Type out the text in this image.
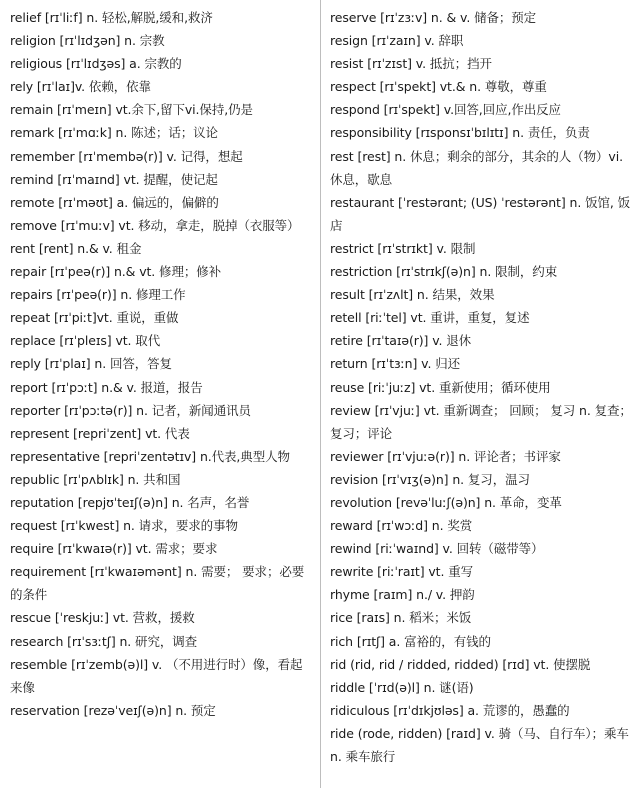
relief [rɪˈliːf] n. 轻松,解脱,缓和,救济
religion [rɪˈlɪdʒən] n. 宗教
religious [rɪˈlɪdʒəs] a. 宗教的
rely [rɪˈlaɪ]v. 依赖，依靠
remain [rɪˈmeɪn] vt.余下,留下vi.保持,仍是
remark [rɪˈmɑːk] n. 陈述；话；议论
remember [rɪˈmembə(r)] v. 记得，想起
remind [rɪˈmaɪnd] vt. 提醒，使记起
remote [rɪˈməʊt] a. 偏远的，偏僻的
remove [rɪˈmuːv] vt. 移动，拿走，脱掉（衣服等）
rent [rent] n.& v. 租金
repair [rɪˈpeə(r)] n.& vt. 修理；修补
repairs [rɪˈpeə(r)] n. 修理工作
repeat [rɪˈpiːt]vt. 重说，重做
replace [rɪˈpleɪs] vt. 取代
reply [rɪˈplaɪ] n. 回答，答复
report [rɪˈpɔːt] n.& v. 报道，报告
reporter [rɪˈpɔːtə(r)] n. 记者，新闻通讯员
represent [repriˈzent] vt. 代表
representative [repriˈzentətɪv] n.代表,典型人物
republic [rɪˈpʌblɪk] n. 共和国
reputation [repjʊˈteɪʃ(ə)n] n. 名声，名誉
request [rɪˈkwest] n. 请求，要求的事物
require [rɪˈkwaɪə(r)] vt. 需求；要求
requirement [rɪˈkwaɪəmənt] n. 需要； 要求；必要的条件
rescue [ˈreskjuː] vt. 营救，援救
research [rɪˈsɜːtʃ] n. 研究，调查
resemble [rɪˈzemb(ə)l] v. （不用进行时）像，看起来像
reservation [rezəˈveɪʃ(ə)n] n. 预定
reserve [rɪˈzɜːv] n. & v. 储备；预定
resign [rɪˈzaɪn] v. 辞职
resist [rɪˈzɪst] v. 抵抗；挡开
respect [rɪˈspekt] vt.& n. 尊敬，尊重
respond [rɪˈspekt] v.回答,回应,作出反应
responsibility [rɪsponsɪˈbɪlɪtɪ] n. 责任，负责
rest [rest] n. 休息；剩余的部分，其余的人（物）vi. 休息，歇息
restaurant [ˈrestərɑnt; (US) ˈrestərənt] n. 饭馆, 饭店
restrict [rɪˈstrɪkt] v. 限制
restriction [rɪˈstrɪkʃ(ə)n] n. 限制，约束
result [rɪˈzʌlt] n. 结果，效果
retell [riːˈtel] vt. 重讲，重复，复述
retire [rɪˈtaɪə(r)] v. 退休
return [rɪˈtɜːn] v. 归还
reuse [riːˈjuːz] vt. 重新使用；循环使用
review [rɪˈvjuː] vt. 重新调查； 回顾； 复习 n. 复查；复习；评论
reviewer [rɪˈvjuːə(r)] n. 评论者；书评家
revision [rɪˈvɪʒ(ə)n] n. 复习，温习
revolution [revəˈluːʃ(ə)n] n. 革命，变革
reward [rɪˈwɔːd] n. 奖赏
rewind [riːˈwaɪnd] v. 回转（磁带等）
rewrite [riːˈraɪt] vt. 重写
rhyme [raɪm] n./ v. 押韵
rice [raɪs] n. 稻米；米饭
rich [rɪtʃ] a. 富裕的，有钱的
rid (rid, rid / ridded, ridded) [rɪd] vt. 使摆脱
riddle [ˈrɪd(ə)l] n. 谜(语)
ridiculous [rɪˈdɪkjʊləs] a. 荒谬的，愚蠢的
ride (rode, ridden) [raɪd] v. 骑（马、自行车）；乘车 n. 乘车旅行
